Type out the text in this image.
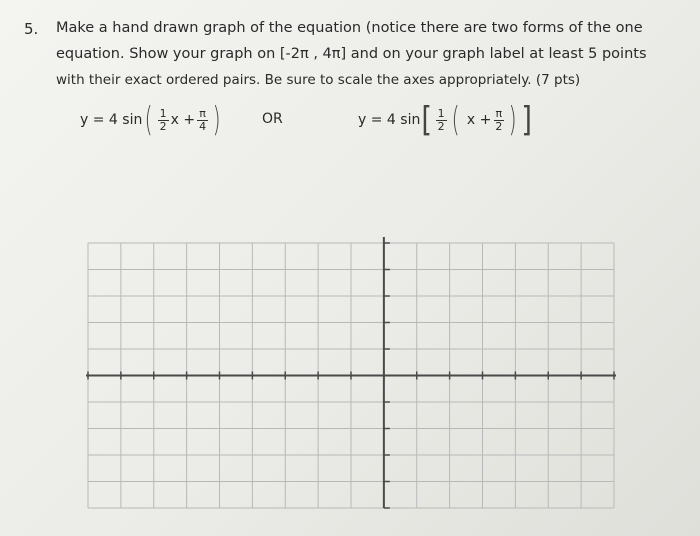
5. Make a hand drawn graph of the equation (notice there are two forms of the one
equation. Show your graph on [-2π , 4π] and on your graph label at least 5 points
with their exact ordered pairs. Be sure to scale the axes appropriately. (7 pts)
y = 4 sin ( $\frac{1}{2}$ $x + \frac{\pi}{4}$ )	OR	y = 4 sin [ $\frac{1}{2}$ ( $x + \frac{\pi}{2}$ ) ]
